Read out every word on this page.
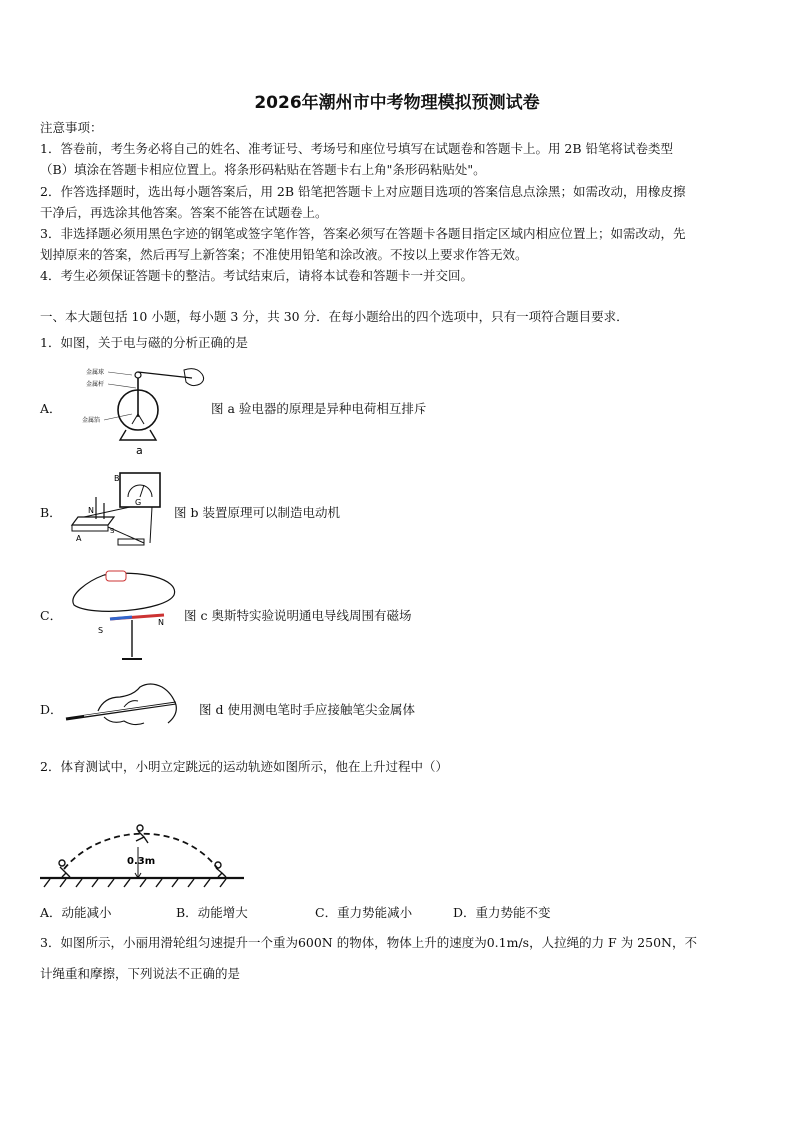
2026年潮州市中考物理模拟预测试卷
注意事项：
1．答卷前，考生务必将自己的姓名、准考证号、考场号和座位号填写在试题卷和答题卡上。用 2B 铅笔将试卷类型
（B）填涂在答题卡相应位置上。将条形码粘贴在答题卡右上角"条形码粘贴处"。
2．作答选择题时，选出每小题答案后，用 2B 铅笔把答题卡上对应题目选项的答案信息点涂黑；如需改动，用橡皮擦
干净后，再选涂其他答案。答案不能答在试题卷上。
3．非选择题必须用黑色字迹的钢笔或签字笔作答，答案必须写在答题卡各题目指定区域内相应位置上；如需改动，先
划掉原来的答案，然后再写上新答案；不准使用铅笔和涂改液。不按以上要求作答无效。
4．考生必须保证答题卡的整洁。考试结束后，请将本试卷和答题卡一并交回。
一、本大题包括 10 小题，每小题 3 分，共 30 分．在每小题给出的四个选项中，只有一项符合题目要求．
1．如图，关于电与磁的分析正确的是
A．
金属球
金属杆
金属箔
a
图 a 验电器的原理是异种电荷相互排斥
B．
G
B
N
A
S
图 b 装置原理可以制造电动机
C．
S
N 图 c 奥斯特实验说明通电导线周围有磁场
D．	图 d 使用测电笔时手应接触笔尖金属体
2．体育测试中，小明立定跳远的运动轨迹如图所示，他在上升过程中（）
0.3m
A．动能减小	B．动能增大	C．重力势能减小	D．重力势能不变
3．如图所示，小丽用滑轮组匀速提升一个重为600N 的物体，物体上升的速度为0.1m/s，人拉绳的力 F 为 250N，不
计绳重和摩擦，下列说法不正确的是
